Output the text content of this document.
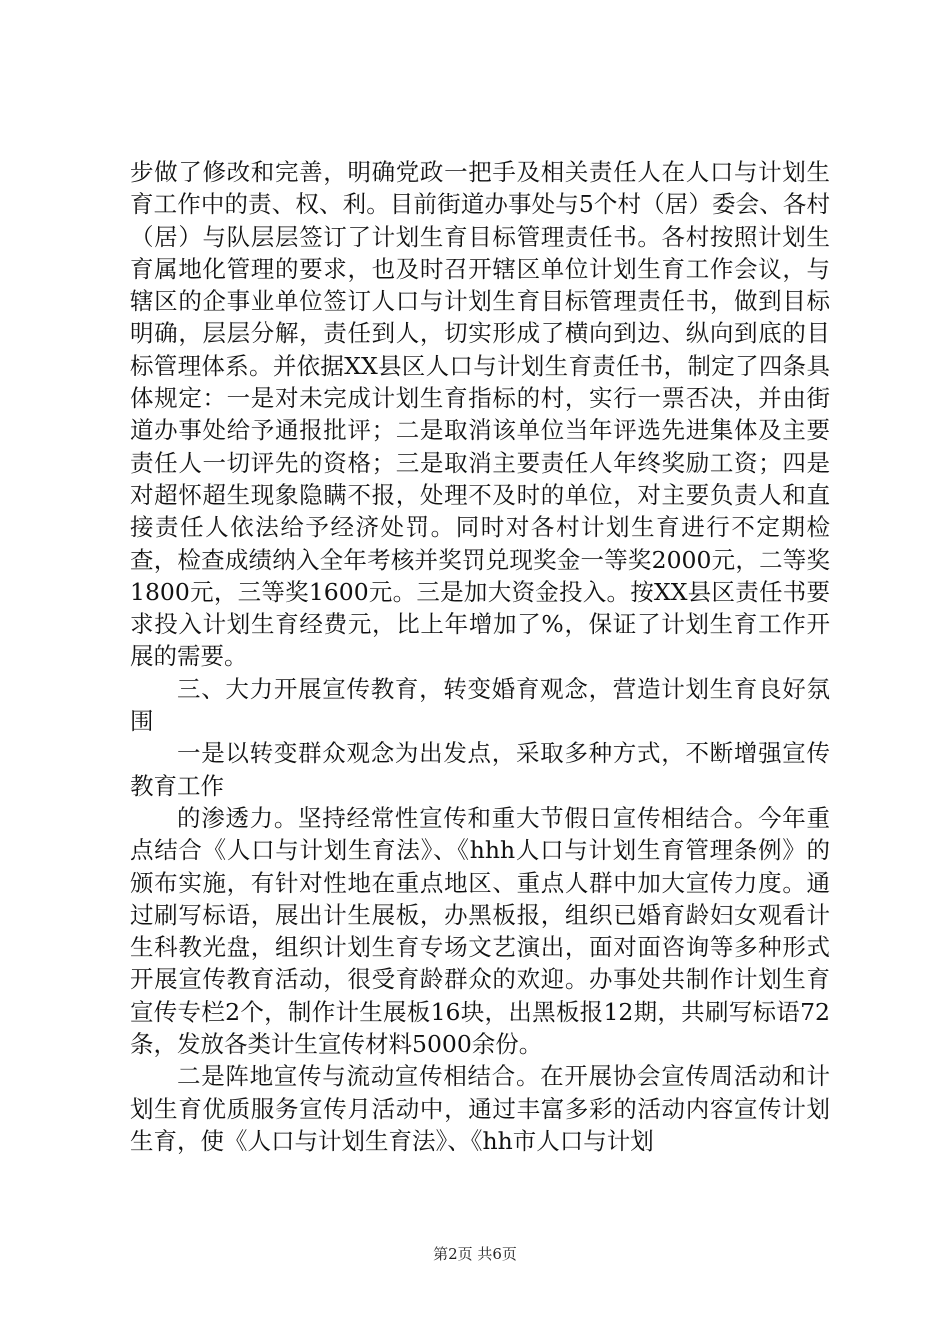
步做了修改和完善，明确党政一把手及相关责任人在人口与计划生育工作中的责、权、利。目前街道办事处与5个村（居）委会、各村（居）与队层层签订了计划生育目标管理责任书。各村按照计划生育属地化管理的要求，也及时召开辖区单位计划生育工作会议，与辖区的企事业单位签订人口与计划生育目标管理责任书，做到目标明确，层层分解，责任到人，切实形成了横向到边、纵向到底的目标管理体系。并依据XX县区人口与计划生育责任书，制定了四条具体规定：一是对未完成计划生育指标的村，实行一票否决，并由街道办事处给予通报批评；二是取消该单位当年评选先进集体及主要责任人一切评先的资格；三是取消主要责任人年终奖励工资；四是对超怀超生现象隐瞒不报，处理不及时的单位，对主要负责人和直接责任人依法给予经济处罚。同时对各村计划生育进行不定期检查，检查成绩纳入全年考核并奖罚兑现奖金一等奖2000元，二等奖1800元，三等奖1600元。三是加大资金投入。按XX县区责任书要求投入计划生育经费元，比上年增加了%，保证了计划生育工作开展的需要。

三、大力开展宣传教育，转变婚育观念，营造计划生育良好氛围

一是以转变群众观念为出发点，采取多种方式，不断增强宣传教育工作

的渗透力。坚持经常性宣传和重大节假日宣传相结合。今年重点结合《人口与计划生育法》、《hhh人口与计划生育管理条例》的颁布实施，有针对性地在重点地区、重点人群中加大宣传力度。通过刷写标语，展出计生展板，办黑板报，组织已婚育龄妇女观看计生科教光盘，组织计划生育专场文艺演出，面对面咨询等多种形式开展宣传教育活动，很受育龄群众的欢迎。办事处共制作计划生育宣传专栏2个，制作计生展板16块，出黑板报12期，共刷写标语72条，发放各类计生宣传材料5000余份。

二是阵地宣传与流动宣传相结合。在开展协会宣传周活动和计划生育优质服务宣传月活动中，通过丰富多彩的活动内容宣传计划生育，使《人口与计划生育法》、《hh市人口与计划

第2页 共6页
